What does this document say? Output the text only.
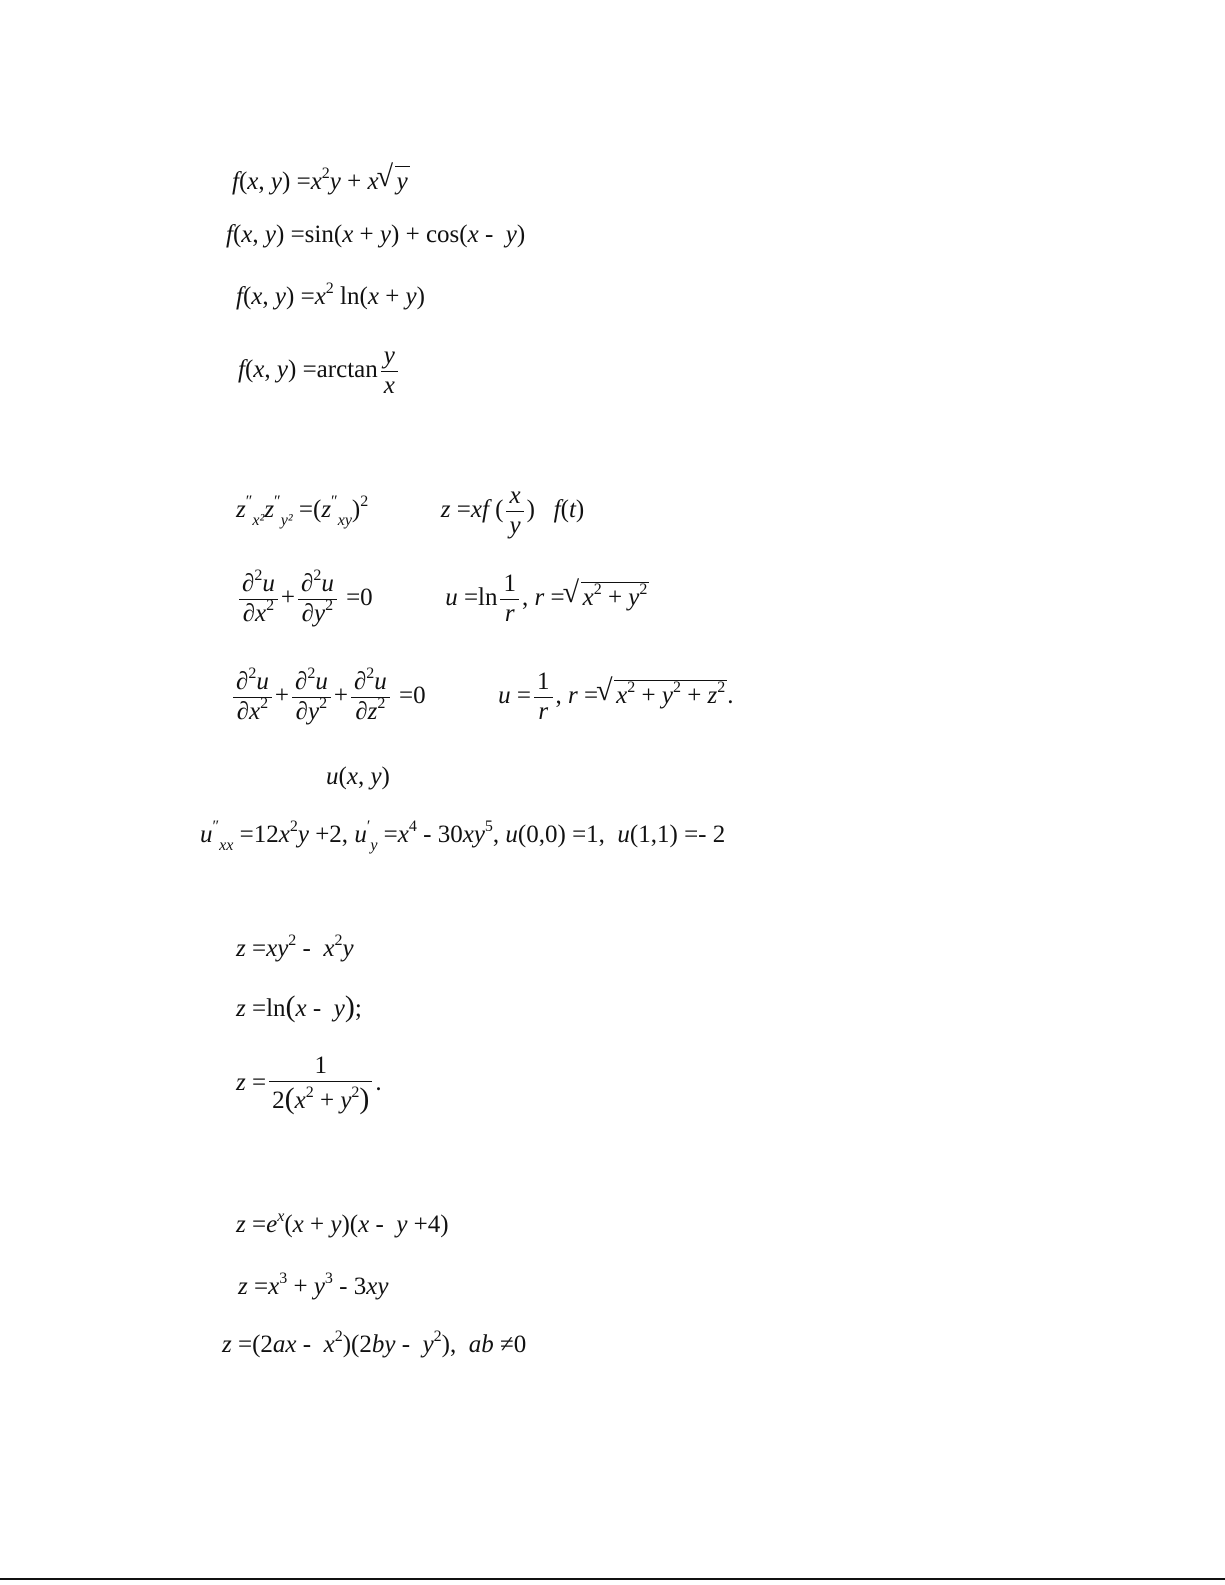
f(x, $y) =x^2y + x√$ y
f(x, y) =sin(x + y) + cos(x -  y)
f(x, $y) =x^2$ ln(x + y)
f(x, $y) =\arctan \frac{y}{x}$
$z''_{x^2}z''_{y^2} =(z''_{xy})^2$	z =xf ( $\frac{x}{y}$ )   f(t)
$\frac{\partial^2u}{\partial x^2} + \frac{\partial^2u}{\partial y^2} =0$	$u =\ln \frac{1}{r}$ , r =√ $x^2 + y^2$
$\frac{\partial^2u}{\partial x^2} + \frac{\partial^2u}{\partial y^2} + \frac{\partial^2u}{\partial z^2} =0$	$u = \frac{1}{r}$ , r =√ $x^2 + y^2 + z^2$.
u(x, y)
$u''_{xx} =12x^2y +2$, $u'_y =x^4 - 30xy^5$, u(0,0) =1,  u(1,1) =- 2
$z =xy^2 - x^2y$
z =ln(x -  y);
$z = \frac{1}{2(x^2 + y^2)}$ .
$z =e^x(x + y)(x - y +4)$
$z =x^3 + y^3 - 3xy$
$z =(2ax - x^2)(2by - y^2)$,  ab ≠0
